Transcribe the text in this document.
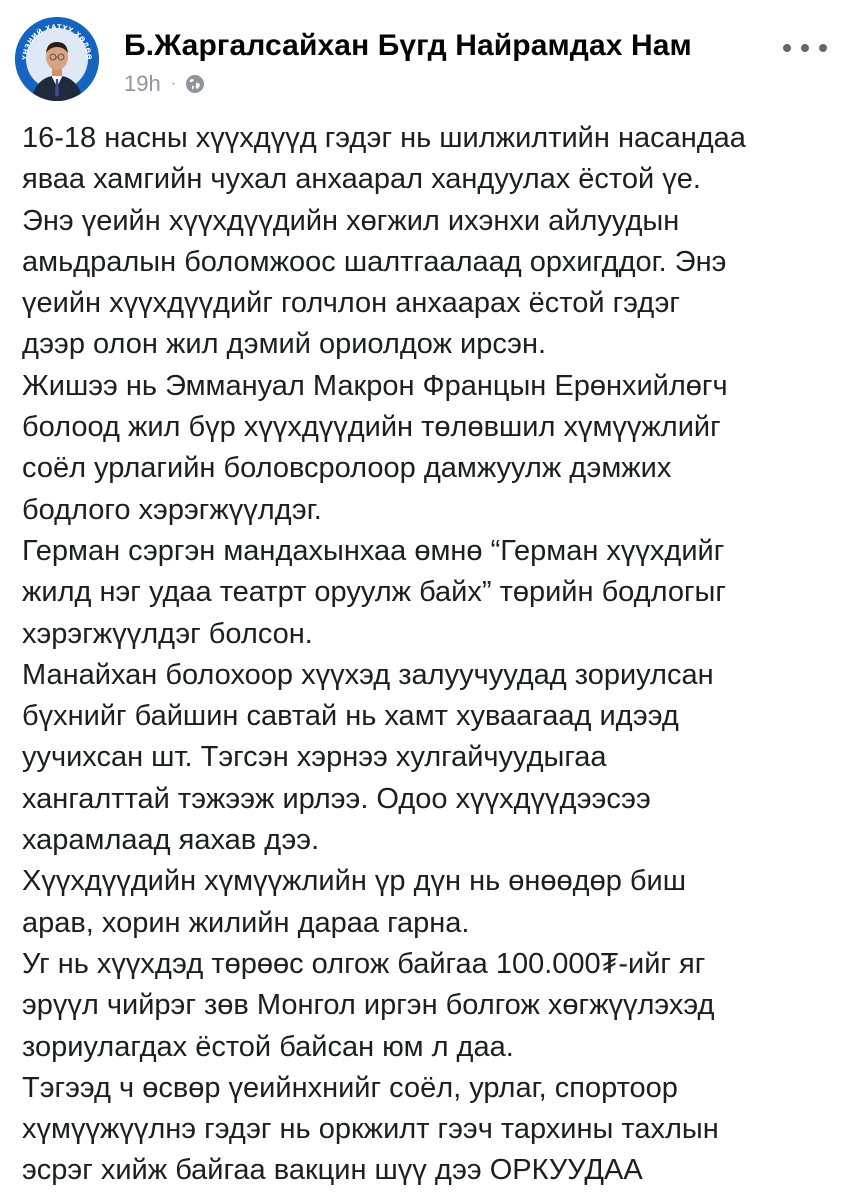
ҮНЭНИЙ ХАТУУ ХӨЛӨӨ Б.Жаргалсайхан Бүгд Найрамдах Нам
19h ·
16-18 насны хүүхдүүд гэдэг нь шилжилтийн насандаа
яваа хамгийн чухал анхаарал хандуулах ёстой үе.
Энэ үеийн хүүхдүүдийн хөгжил ихэнхи айлуудын
амьдралын боломжоос шалтгаалаад орхигддог. Энэ
үеийн хүүхдүүдийг голчлон анхаарах ёстой гэдэг
дээр олон жил дэмий ориолдож ирсэн.
Жишээ нь Эммануал Макрон Францын Ерөнхийлөгч
болоод жил бүр хүүхдүүдийн төлөвшил хүмүүжлийг
соёл урлагийн боловсролоор дамжуулж дэмжих
бодлого хэрэгжүүлдэг.
Герман сэргэн мандахынхаа өмнө “Герман хүүхдийг
жилд нэг удаа театрт оруулж байх” төрийн бодлогыг
хэрэгжүүлдэг болсон.
Манайхан болохоор хүүхэд залуучуудад зориулсан
бүхнийг байшин савтай нь хамт хуваагаад идээд
уучихсан шт. Тэгсэн хэрнээ хулгайчуудыгаа
хангалттай тэжээж ирлээ. Одоо хүүхдүүдээсээ
харамлаад яахав дээ.
Хүүхдүүдийн хүмүүжлийн үр дүн нь өнөөдөр биш
арав, хорин жилийн дараа гарна.
Уг нь хүүхдэд төрөөс олгож байгаа 100.000₮-ийг яг
эрүүл чийрэг зөв Монгол иргэн болгож хөгжүүлэхэд
зориулагдах ёстой байсан юм л даа.
Тэгээд ч өсвөр үеийнхнийг соёл, урлаг, спортоор
хүмүүжүүлнэ гэдэг нь оркжилт гээч тархины тахлын
эсрэг хийж байгаа вакцин шүү дээ ОРКУУДАА
